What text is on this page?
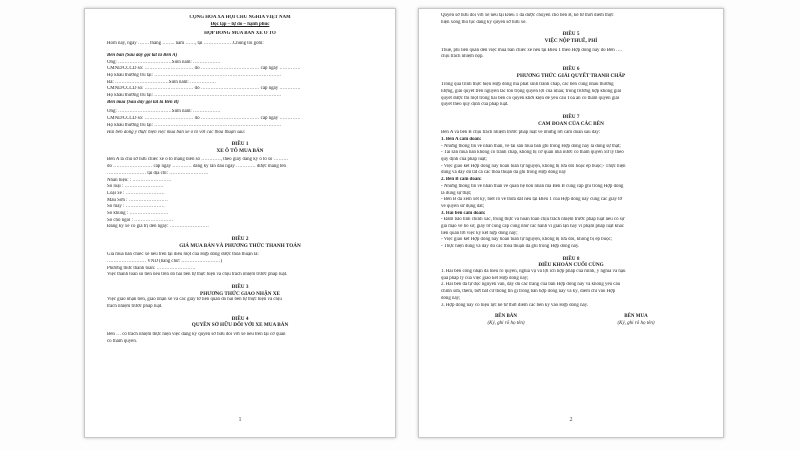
CỘNG HÒA XÃ HỘI CHỦ NGHĨA VIỆT NAM
Độc lập – tự do – hạnh phúc
HỢP ĐỒNG MUA BÁN XE Ô TÔ
Hôm nay, ngày ……. tháng …….. năm ……, tại ………………Chúng tôi gồm:
Bên bán (Sau đây gọi tắt là Bên A)
Ông: ……………………………Sinh năm: ……………..
CMND/CCCD số: ………………………… do ……………………………… cấp ngày ………….
Hộ khẩu thường trú tại: ……………………………………………………………………
Bà: ……………………………Sinh năm: …………….
CMND/CCCD số: ………………………… do ……………………………… cấp ngày ………….
Hộ khẩu thường trú tại: ……………………………………………………………………
Bên mua (Sau đây gọi tắt là Bên B)
Ông: ……………………………Sinh năm: ……………..
CMND/CCCD số: ………………………… do ……………………………… cấp ngày ………….
Hộ khẩu thường trú tại: ……………………………………………………………………
Hai bên đồng ý thực hiện việc mua bán xe ô tô với các thỏa thuận sau:
ĐIỀU 1
XE Ô TÔ MUA BÁN
Bên A là chủ sở hữu chiếc xe ô tô mang biển số …………, theo giấy đăng ký ô tô số ………
do …………………… cấp ngày ………… đăng ký lần đầu ngày ………… được mang tên
…………………… tại địa chỉ: ……………………
Nhãn hiệu: : ……………………
Số loại : ……………………
Loại xe : ……………………
Màu Sơn : ……………………
Số máy : ……………………
Số khung : ……………………
Số chỗ ngồi : ……………………
Đăng ký xe có giá trị đến ngày: ……………………
ĐIỀU 2
GIÁ MUA BÁN VÀ PHƯƠNG THỨC THANH TOÁN
Giá mua bán chiếc xe nêu trên tại điều một của Hợp đồng được thỏa thuận là:
…………………… VND (bằng chữ: ……………………)
Phương thức thanh toán: ……………………
Việc thanh toán số tiền nêu trên do hai bên tự thực hiện và chịu trách nhiệm trước pháp luật.
ĐIỀU 3
PHƯƠNG THỨC GIAO NHẬN XE
Việc giao nhận tiền, giao nhận xe và các giấy tờ liên quan do hai bên tự thực hiện và chịu
trách nhiệm trước pháp luật.
ĐIỀU 4
QUYỀN SỞ HỮU ĐỐI VỚI XE MUA BÁN
Bên … có trách nhiệm thực hiện việc đăng ký quyền sở hữu đối với xe nêu trên tại cơ quan
có thẩm quyền.
1
Quyền sở hữu đối với xe nêu tại Điều 1 đã được chuyển cho bên B, kể từ thời điểm thực
hiện xong thủ tục đăng ký quyền sở hữu xe.
ĐIỀU 5
VIỆC NỘP THUẾ, PHÍ
Thuế, phí liên quan đến việc mua bán chiếc xe nêu tại Điều 1 theo Hợp đồng này do Bên ….
chịu trách nhiệm nộp.
ĐIỀU 6
PHƯƠNG THỨC GIẢI QUYẾT TRANH CHẤP
Trong quá trình thực hiện Hợp đồng mà phát sinh tranh chấp, các bên cùng nhau thương
lượng, giải quyết trên nguyên tắc tôn trọng quyền lợi của nhau; trong trường hợp không giải
quyết được thì một trong hai bên có quyền khởi kiện để yêu cầu Tòa án có thẩm quyền giải
quyết theo quy định của pháp luật.
ĐIỀU 7
CAM ĐOAN CỦA CÁC BÊN
Bên A và bên B chịu trách nhiệm trước pháp luật về những lời cam đoan sau đây:
1. Bên A cam đoan:
- Những thông tin về nhân thân, về tài sản mua bán ghi trong Hợp đồng này là đúng sự thật;
- Tài sản mua bán không có tranh chấp, không bị cơ quan nhà nước có thẩm quyền xử lý theo
quy định của pháp luật;
- Việc giao kết Hợp đồng này hoàn toàn tự nguyện, không bị lừa dối hoặc ép buộc;- Thực hiện
đúng và đầy đủ tất cả các thỏa thuận đã ghi trong Hợp đồng này
2. Bên B cam đoan:
- Những thông tin về nhân thân về quan hệ hôn nhân mà Bên B cung cấp ghi trong Hợp đồng
là đúng sự thật;
- Bên B đã xem xét kỹ, biết rõ về thửa đất nêu tại Điều 1 của Hợp đồng này cùng các giấy tờ
về quyền sử dụng đất;
3. Hai bên cam đoan:
- Đảm bảo tính chính xác, trung thực và hoàn toàn chịu trách nhiệm trước pháp luật nếu có sự
giả mạo về hồ sơ, giấy tờ cung cấp cũng như các hành vi gian lận hay vi phạm pháp luật khác
liên quan tới việc ký kết hợp đồng này;
- Việc giao kết Hợp đồng này hoàn toàn tự nguyện, không bị lừa dối, không bị ép buộc;
- Thực hiện đúng và đầy đủ các thỏa thuận đã ghi trong Hợp đồng này.
ĐIỀU 8
ĐIỀU KHOẢN CUỐI CÙNG
1. Hai bên công nhận đã hiểu rõ quyền, nghĩa vụ và lợi ích hợp pháp của mình, ý nghĩa và hậu
quả pháp lý của việc giao kết Hợp đồng này;
2. Hai bên đã tự đọc nguyên văn, đầy đủ các trang của bản Hợp đồng này và không yêu cầu
chỉnh sửa, thêm, bớt bất cứ thông tin gì trong bản hợp đồng này và ký, điểm chỉ vào Hợp
đồng này;
3. Hợp đồng này có hiệu lực kể từ thời điểm các bên ký vào Hợp đồng này.
BÊN BÁN
(Ký, ghi rõ họ tên)
BÊN MUA
(Ký, ghi rõ họ tên)
2
